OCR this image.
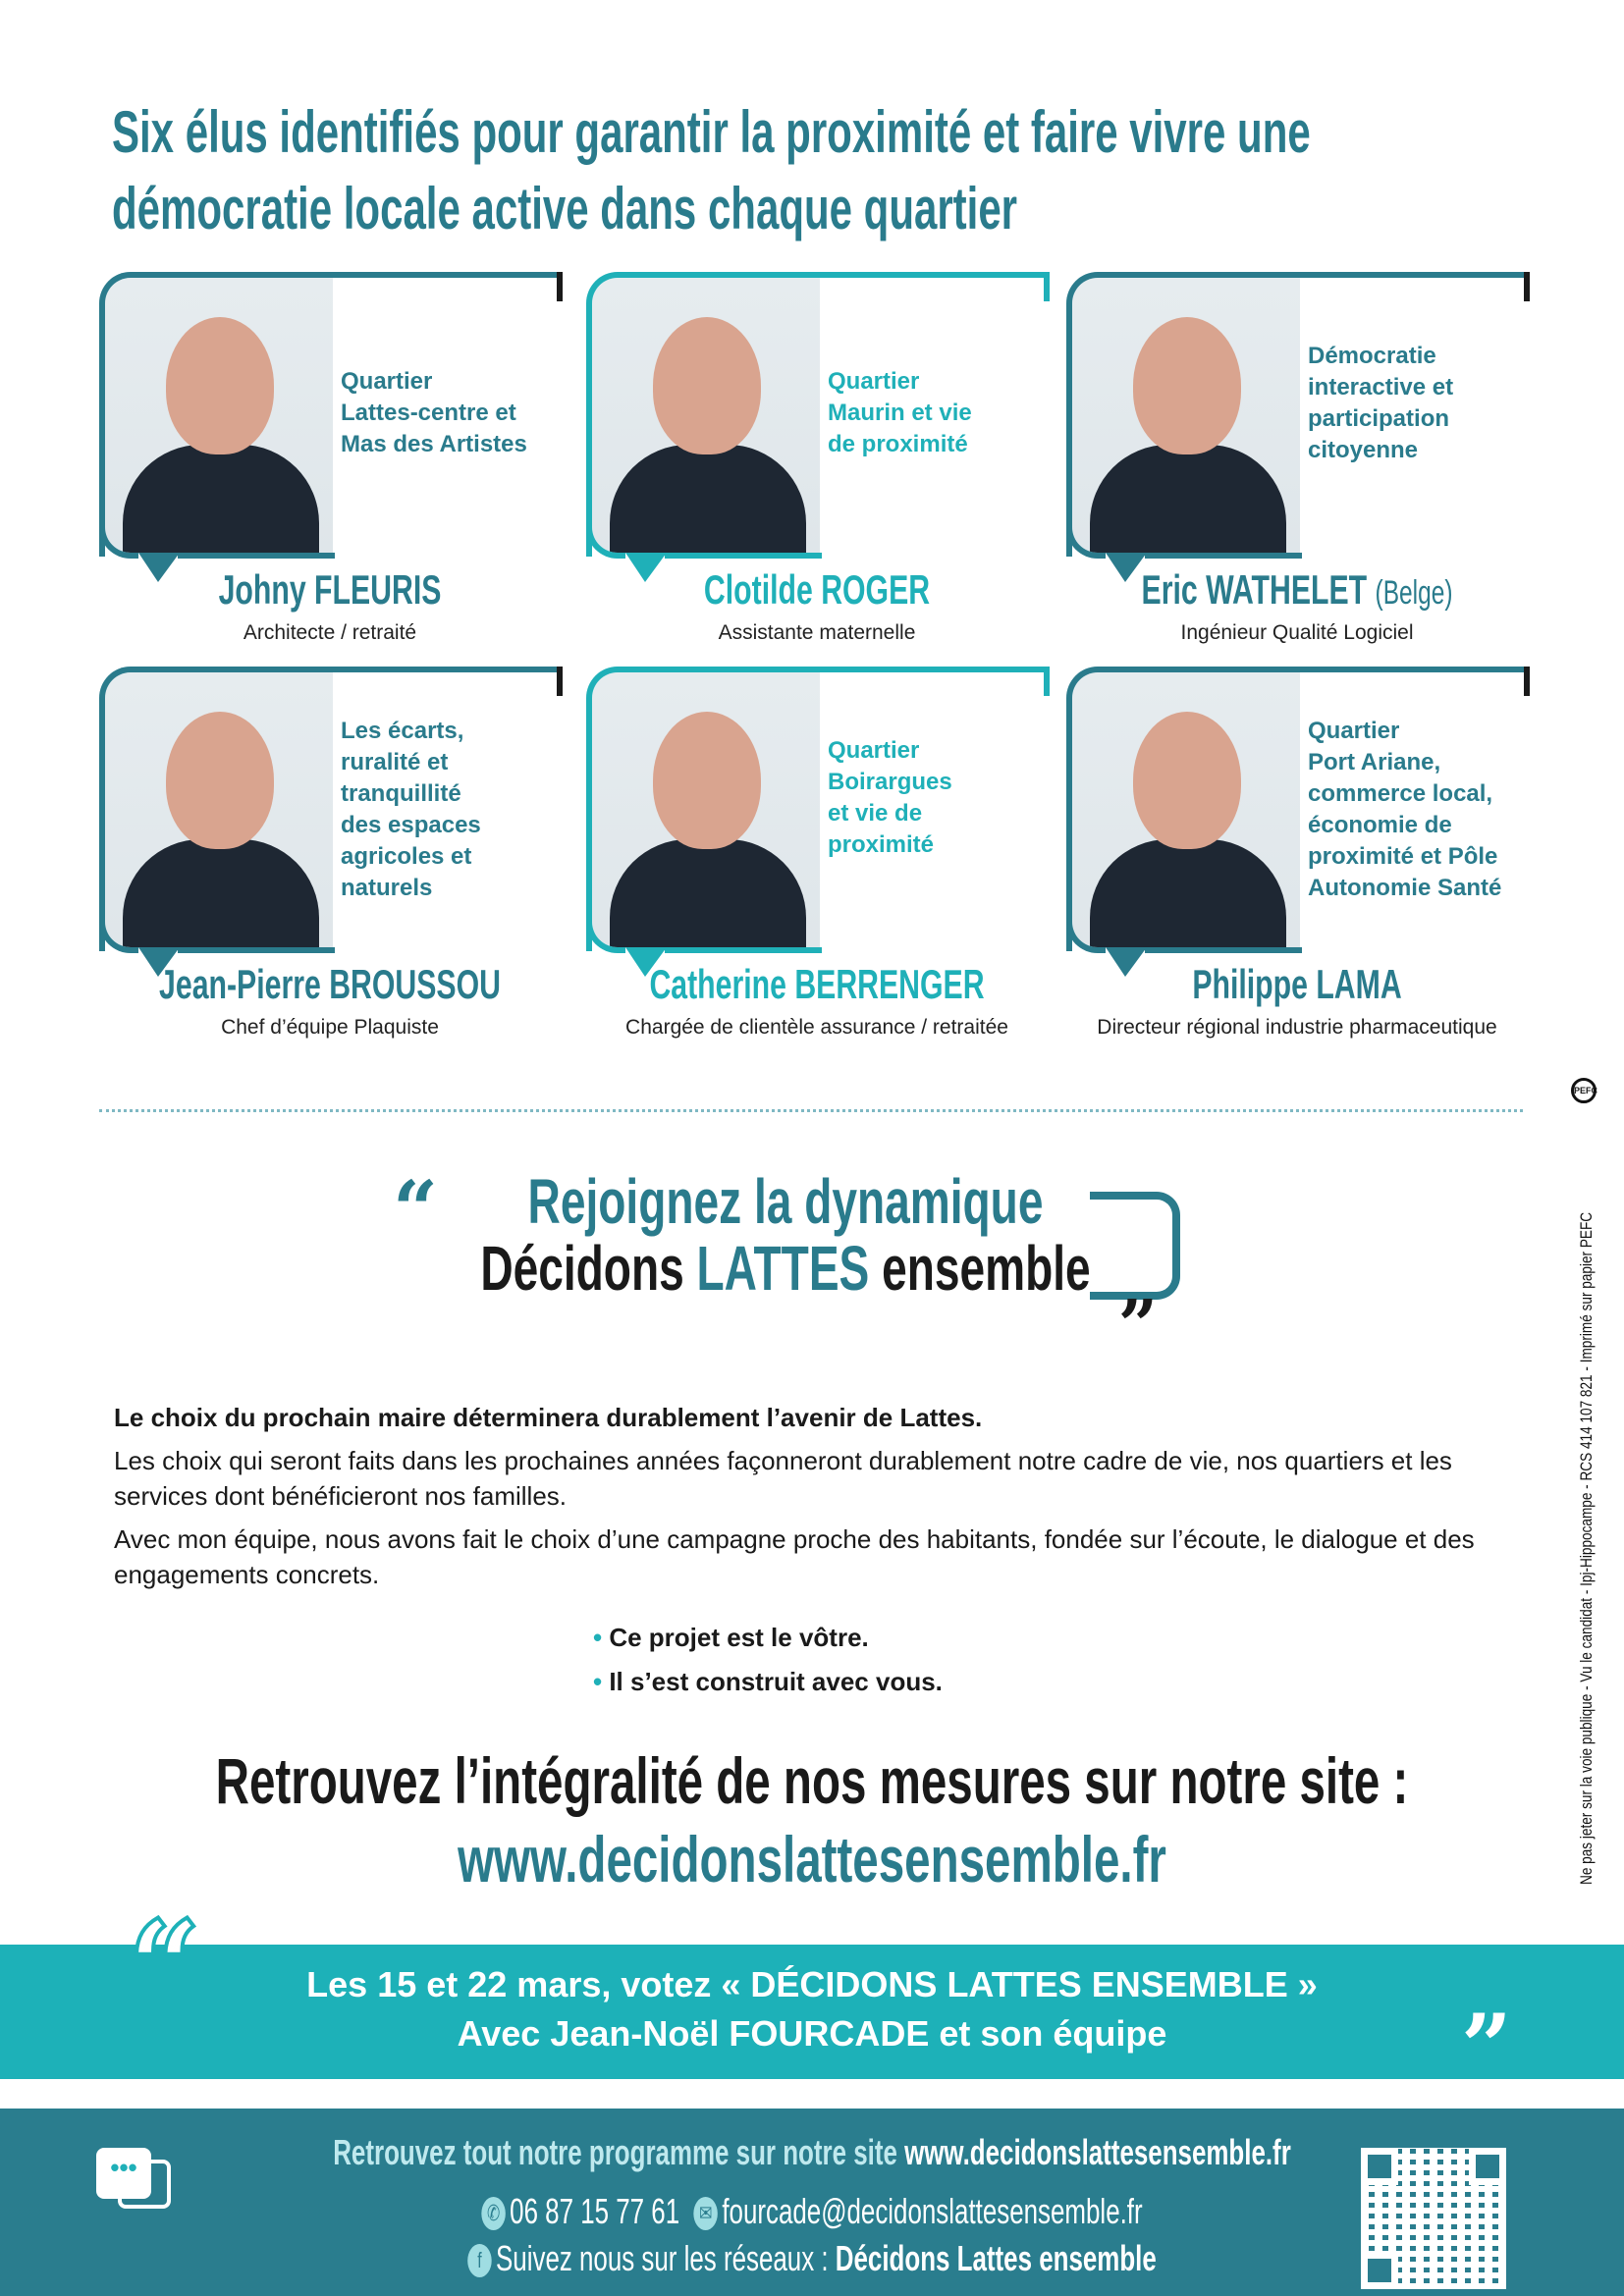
Six élus identifiés pour garantir la proximité et faire vivre une
démocratie locale active dans chaque quartier
Quartier
Lattes-centre et
Mas des Artistes
Johny FLEURIS
Architecte / retraité
Quartier
Maurin et vie
de proximité
Clotilde ROGER
Assistante maternelle
Démocratie
interactive et
participation
citoyenne
Eric WATHELET (Belge)
Ingénieur Qualité Logiciel
Les écarts,
ruralité et
tranquillité
des espaces
agricoles et
naturels
Jean-Pierre BROUSSOU
Chef d’équipe Plaquiste
Quartier
Boirargues
et vie de
proximité
Catherine BERRENGER
Chargée de clientèle assurance / retraitée
Quartier
Port Ariane,
commerce local,
économie de
proximité et Pôle
Autonomie Santé
Philippe LAMA
Directeur régional industrie pharmaceutique
“ Rejoignez la dynamique
Décidons LATTES ensemble „

Le choix du prochain maire déterminera durablement l’avenir de Lattes.

Les choix qui seront faits dans les prochaines années façonneront durablement notre cadre de vie, nos quartiers et les services dont bénéficieront nos familles.

Avec mon équipe, nous avons fait le choix d’une campagne proche des habitants, fondée sur l’écoute, le dialogue et des engagements concrets.

• Ce projet est le vôtre.
• Il s’est construit avec vous.
Retrouvez l’intégralité de nos mesures sur notre site :
www.decidonslattesensemble.fr
Les 15 et 22 mars, votez « DÉCIDONS LATTES ENSEMBLE »
Avec Jean-Noël FOURCADE et son équipe
“
”
•••	Retrouvez tout notre programme sur notre site www.decidonslattesensemble.fr
✆ 06 87 15 77 61 ✉ fourcade@decidonslattesensemble.fr
f Suivez nous sur les réseaux : Décidons Lattes ensemble
PEFC
Ne pas jeter sur la voie publique - Vu le candidat - Ipj-Hippocampe - RCS 414 107 821 - Imprimé sur papier PEFC
